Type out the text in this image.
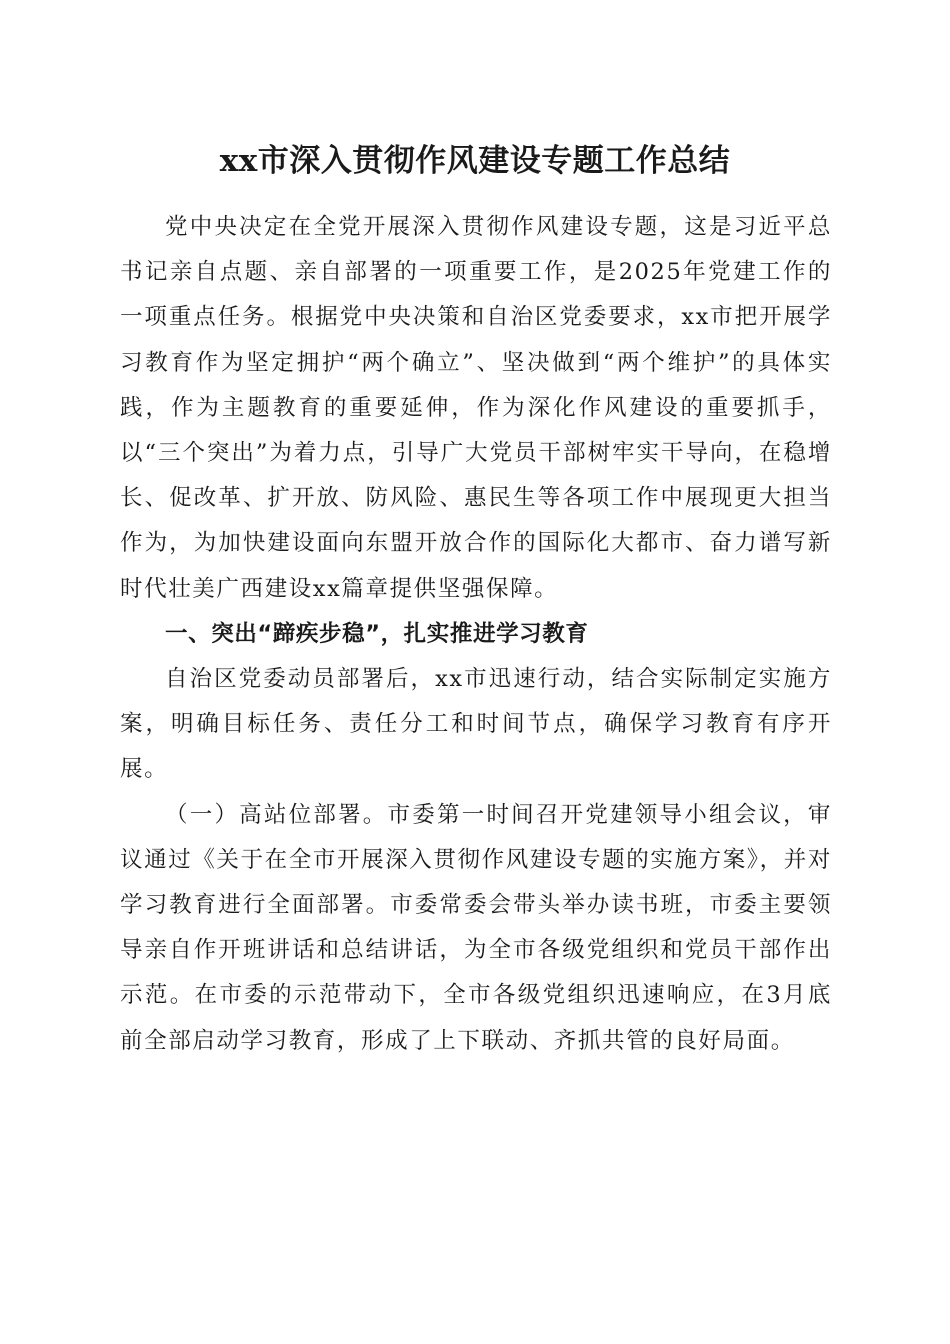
xx市深入贯彻作风建设专题工作总结

党中央决定在全党开展深入贯彻作风建设专题，这是习近平总书记亲自点题、亲自部署的一项重要工作，是2025年党建工作的一项重点任务。根据党中央决策和自治区党委要求，xx市把开展学习教育作为坚定拥护“两个确立”、坚决做到“两个维护”的具体实践，作为主题教育的重要延伸，作为深化作风建设的重要抓手，以“三个突出”为着力点，引导广大党员干部树牢实干导向，在稳增长、促改革、扩开放、防风险、惠民生等各项工作中展现更大担当作为，为加快建设面向东盟开放合作的国际化大都市、奋力谱写新时代壮美广西建设xx篇章提供坚强保障。

一、突出“蹄疾步稳”，扎实推进学习教育

自治区党委动员部署后，xx市迅速行动，结合实际制定实施方案，明确目标任务、责任分工和时间节点，确保学习教育有序开展。

（一）高站位部署。市委第一时间召开党建领导小组会议，审议通过《关于在全市开展深入贯彻作风建设专题的实施方案》，并对学习教育进行全面部署。市委常委会带头举办读书班，市委主要领导亲自作开班讲话和总结讲话，为全市各级党组织和党员干部作出示范。在市委的示范带动下，全市各级党组织迅速响应，在3月底前全部启动学习教育，形成了上下联动、齐抓共管的良好局面。
